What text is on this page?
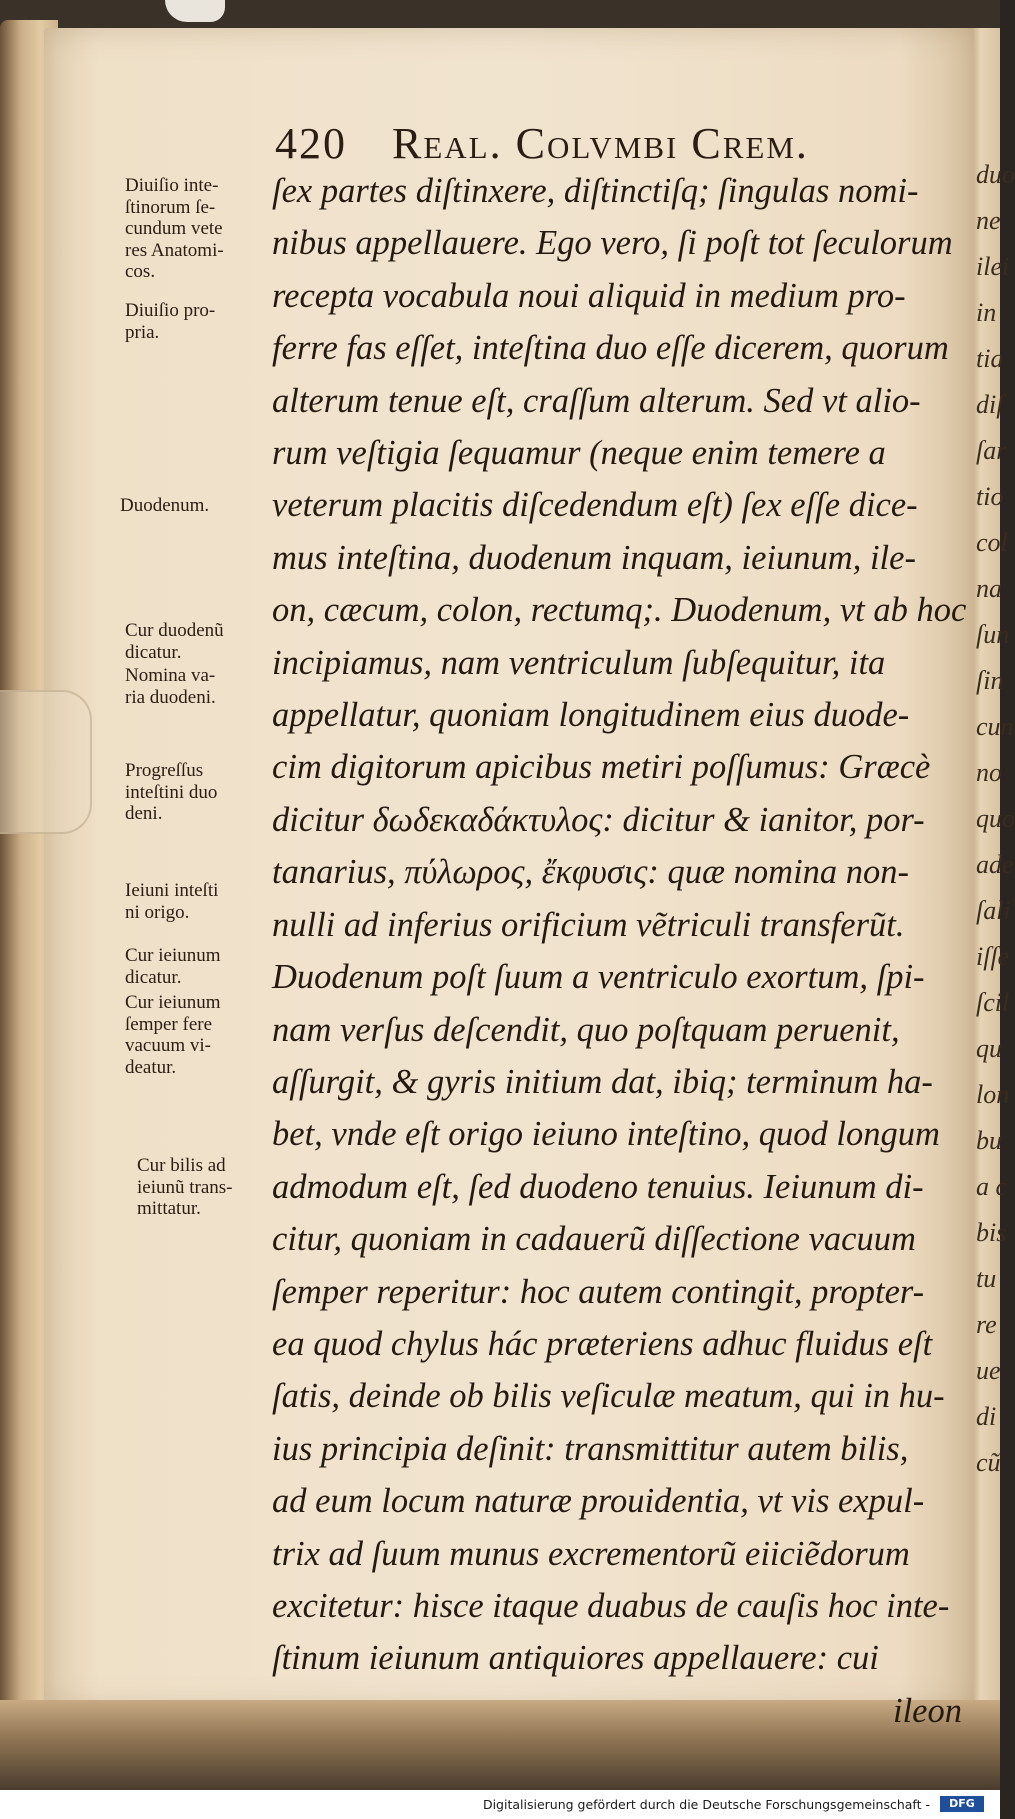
420 Real. Colvmbi Crem.
ſex partes diſtinxere, diſtinctiſq; ſingulas nomi-
nibus appellauere. Ego vero, ſi poſt tot ſeculorum
recepta vocabula noui aliquid in medium pro-
ferre fas eſſet, inteſtina duo eſſe dicerem, quorum
alterum tenue eſt, craſſum alterum. Sed vt alio-
rum veſtigia ſequamur (neque enim temere a
veterum placitis diſcedendum eſt) ſex eſſe dice-
mus inteſtina, duodenum inquam, ieiunum, ile-
on, cæcum, colon, rectumq;. Duodenum, vt ab hoc
incipiamus, nam ventriculum ſubſequitur, ita
appellatur, quoniam longitudinem eius duode-
cim digitorum apicibus metiri poſſumus: Græcè
dicitur δωδεκαδάκτυλος: dicitur & ianitor, por-
tanarius, πύλωρος, ἔκφυσις: quæ nomina non-
nulli ad inferius orificium vẽtriculi transferũt.
Duodenum poſt ſuum a ventriculo exortum, ſpi-
nam verſus deſcendit, quo poſtquam peruenit,
aſſurgit, & gyris initium dat, ibiq; terminum ha-
bet, vnde eſt origo ieiuno inteſtino, quod longum
admodum eſt, ſed duodeno tenuius. Ieiunum di-
citur, quoniam in cadauerũ diſſectione vacuum
ſemper reperitur: hoc autem contingit, propter-
ea quod chylus hác præteriens adhuc fluidus eſt
ſatis, deinde ob bilis veſiculæ meatum, qui in hu-
ius principia deſinit: transmittitur autem bilis,
ad eum locum naturæ prouidentia, vt vis expul-
trix ad ſuum munus excrementorũ eiiciẽdorum
excitetur: hisce itaque duabus de cauſis hoc inte-
ſtinum ieiunum antiquiores appellauere: cui
ileon
Diuiſio inte-
ſtinorum ſe-
cundum vete
res Anatomi-
cos.
Diuiſio pro-
pria.
Duodenum.
Cur duodenũ
dicatur.
Nomina va-
ria duodeni.
Progreſſus
inteſtini duo
deni.
Ieiuni inteſti
ni origo.
Cur ieiunum
dicatur.
Cur ieiunum
ſemper fere
vacuum vi-
deatur.
Cur bilis ad
ieiunũ trans-
mittatur.
duo
ne
ilei
in
tia
diſ
ſar
tio
col
na
ſun
ſin
cun
no
quo
ade
ſali
iſſe
ſcil
qu
lon
bu
a c
bis
tu
re
ue
di
cũ
Digitalisierung gefördert durch die Deutsche Forschungsgemeinschaft -	DFG
